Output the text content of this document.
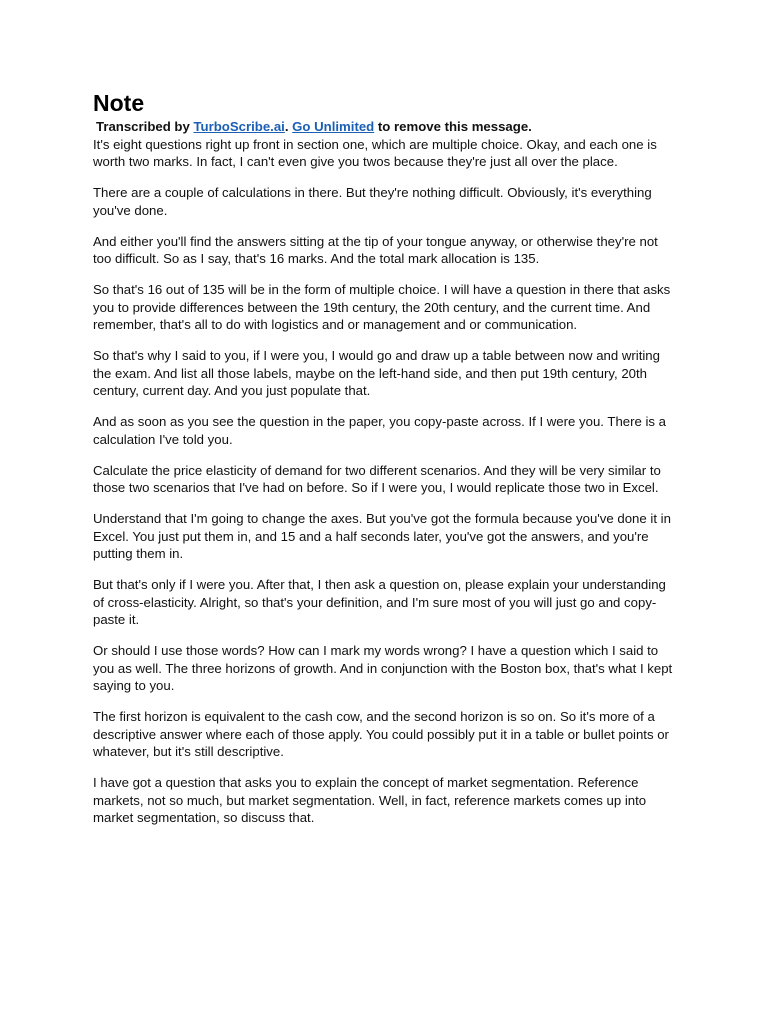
Note

Transcribed by TurboScribe.ai. Go Unlimited to remove this message.

It's eight questions right up front in section one, which are multiple choice. Okay, and each one is worth two marks. In fact, I can't even give you twos because they're just all over the place.

There are a couple of calculations in there. But they're nothing difficult. Obviously, it's everything you've done.

And either you'll find the answers sitting at the tip of your tongue anyway, or otherwise they're not too difficult. So as I say, that's 16 marks. And the total mark allocation is 135.

So that's 16 out of 135 will be in the form of multiple choice. I will have a question in there that asks you to provide differences between the 19th century, the 20th century, and the current time. And remember, that's all to do with logistics and or management and or communication.

So that's why I said to you, if I were you, I would go and draw up a table between now and writing the exam. And list all those labels, maybe on the left-hand side, and then put 19th century, 20th century, current day. And you just populate that.

And as soon as you see the question in the paper, you copy-paste across. If I were you. There is a calculation I've told you.

Calculate the price elasticity of demand for two different scenarios. And they will be very similar to those two scenarios that I've had on before. So if I were you, I would replicate those two in Excel.

Understand that I'm going to change the axes. But you've got the formula because you've done it in Excel. You just put them in, and 15 and a half seconds later, you've got the answers, and you're putting them in.

But that's only if I were you. After that, I then ask a question on, please explain your understanding of cross-elasticity. Alright, so that's your definition, and I'm sure most of you will just go and copy-paste it.

Or should I use those words? How can I mark my words wrong? I have a question which I said to you as well. The three horizons of growth. And in conjunction with the Boston box, that's what I kept saying to you.

The first horizon is equivalent to the cash cow, and the second horizon is so on. So it's more of a descriptive answer where each of those apply. You could possibly put it in a table or bullet points or whatever, but it's still descriptive.

I have got a question that asks you to explain the concept of market segmentation. Reference markets, not so much, but market segmentation. Well, in fact, reference markets comes up into market segmentation, so discuss that.
